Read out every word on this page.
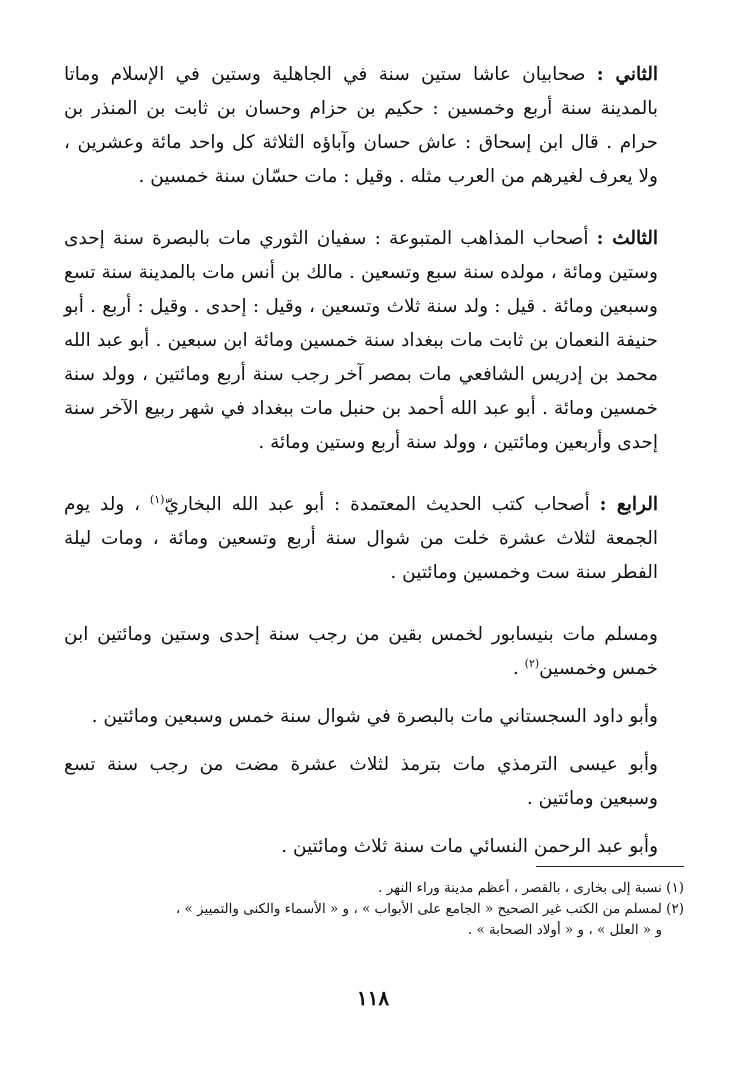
الثاني : صحابيان عاشا ستين سنة في الجاهلية وستين في الإسلام وماتا بالمدينة سنة أربع وخمسين : حكيم بن حزام وحسان بن ثابت بن المنذر بن حرام . قال ابن إسحاق : عاش حسان وآباؤه الثلاثة كل واحد مائة وعشرين ، ولا يعرف لغيرهم من العرب مثله . وقيل : مات حسّان سنة خمسين .

الثالث : أصحاب المذاهب المتبوعة : سفيان الثوري مات بالبصرة سنة إحدى وستين ومائة ، مولده سنة سبع وتسعين . مالك بن أنس مات بالمدينة سنة تسع وسبعين ومائة . قيل : ولد سنة ثلاث وتسعين ، وقيل : إحدى . وقيل : أربع . أبو حنيفة النعمان بن ثابت مات ببغداد سنة خمسين ومائة ابن سبعين . أبو عبد الله محمد بن إدريس الشافعي مات بمصر آخر رجب سنة أربع ومائتين ، وولد سنة خمسين ومائة . أبو عبد الله أحمد بن حنبل مات ببغداد في شهر ربيع الآخر سنة إحدى وأربعين ومائتين ، وولد سنة أربع وستين ومائة .

الرابع : أصحاب كتب الحديث المعتمدة : أبو عبد الله البخاريّ$^{(١)}$ ، ولد يوم الجمعة لثلاث عشرة خلت من شوال سنة أربع وتسعين ومائة ، ومات ليلة الفطر سنة ست وخمسين ومائتين .

ومسلم مات بنيسابور لخمس بقين من رجب سنة إحدى وستين ومائتين ابن خمس وخمسين$^{(٢)}$ .

وأبو داود السجستاني مات بالبصرة في شوال سنة خمس وسبعين ومائتين .

وأبو عيسى الترمذي مات بترمذ لثلاث عشرة مضت من رجب سنة تسع وسبعين ومائتين .

وأبو عبد الرحمن النسائي مات سنة ثلاث ومائتين .

(١) نسبة إلى بخارى ، بالقصر ، أعظم مدينة وراء النهر .

(٢) لمسلم من الكتب غير الصحيح « الجامع على الأبواب » ، و « الأسماء والكنى والتمييز » ،

و « العلل » ، و « أولاد الصحابة » .

١١٨
